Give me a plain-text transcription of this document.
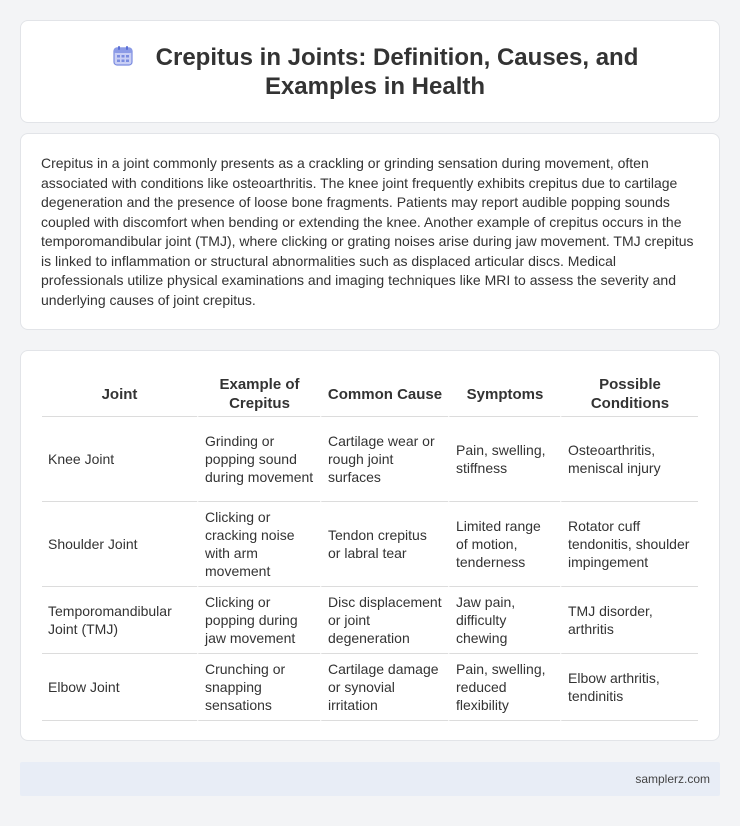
Crepitus in Joints: Definition, Causes, and Examples in Health

Crepitus in a joint commonly presents as a crackling or grinding sensation during movement, often associated with conditions like osteoarthritis. The knee joint frequently exhibits crepitus due to cartilage degeneration and the presence of loose bone fragments. Patients may report audible popping sounds coupled with discomfort when bending or extending the knee. Another example of crepitus occurs in the temporomandibular joint (TMJ), where clicking or grating noises arise during jaw movement. TMJ crepitus is linked to inflammation or structural abnormalities such as displaced articular discs. Medical professionals utilize physical examinations and imaging techniques like MRI to assess the severity and underlying causes of joint crepitus.

Joint	Example of Crepitus	Common Cause	Symptoms	Possible Conditions
Knee Joint	Grinding or popping sound during movement	Cartilage wear or rough joint surfaces	Pain, swelling, stiffness	Osteoarthritis, meniscal injury
Shoulder Joint	Clicking or cracking noise with arm movement	Tendon crepitus or labral tear	Limited range of motion, tenderness	Rotator cuff tendonitis, shoulder impingement
Temporomandibular Joint (TMJ)	Clicking or popping during jaw movement	Disc displacement or joint degeneration	Jaw pain, difficulty chewing	TMJ disorder, arthritis
Elbow Joint	Crunching or snapping sensations	Cartilage damage or synovial irritation	Pain, swelling, reduced flexibility	Elbow arthritis, tendinitis
samplerz.com
